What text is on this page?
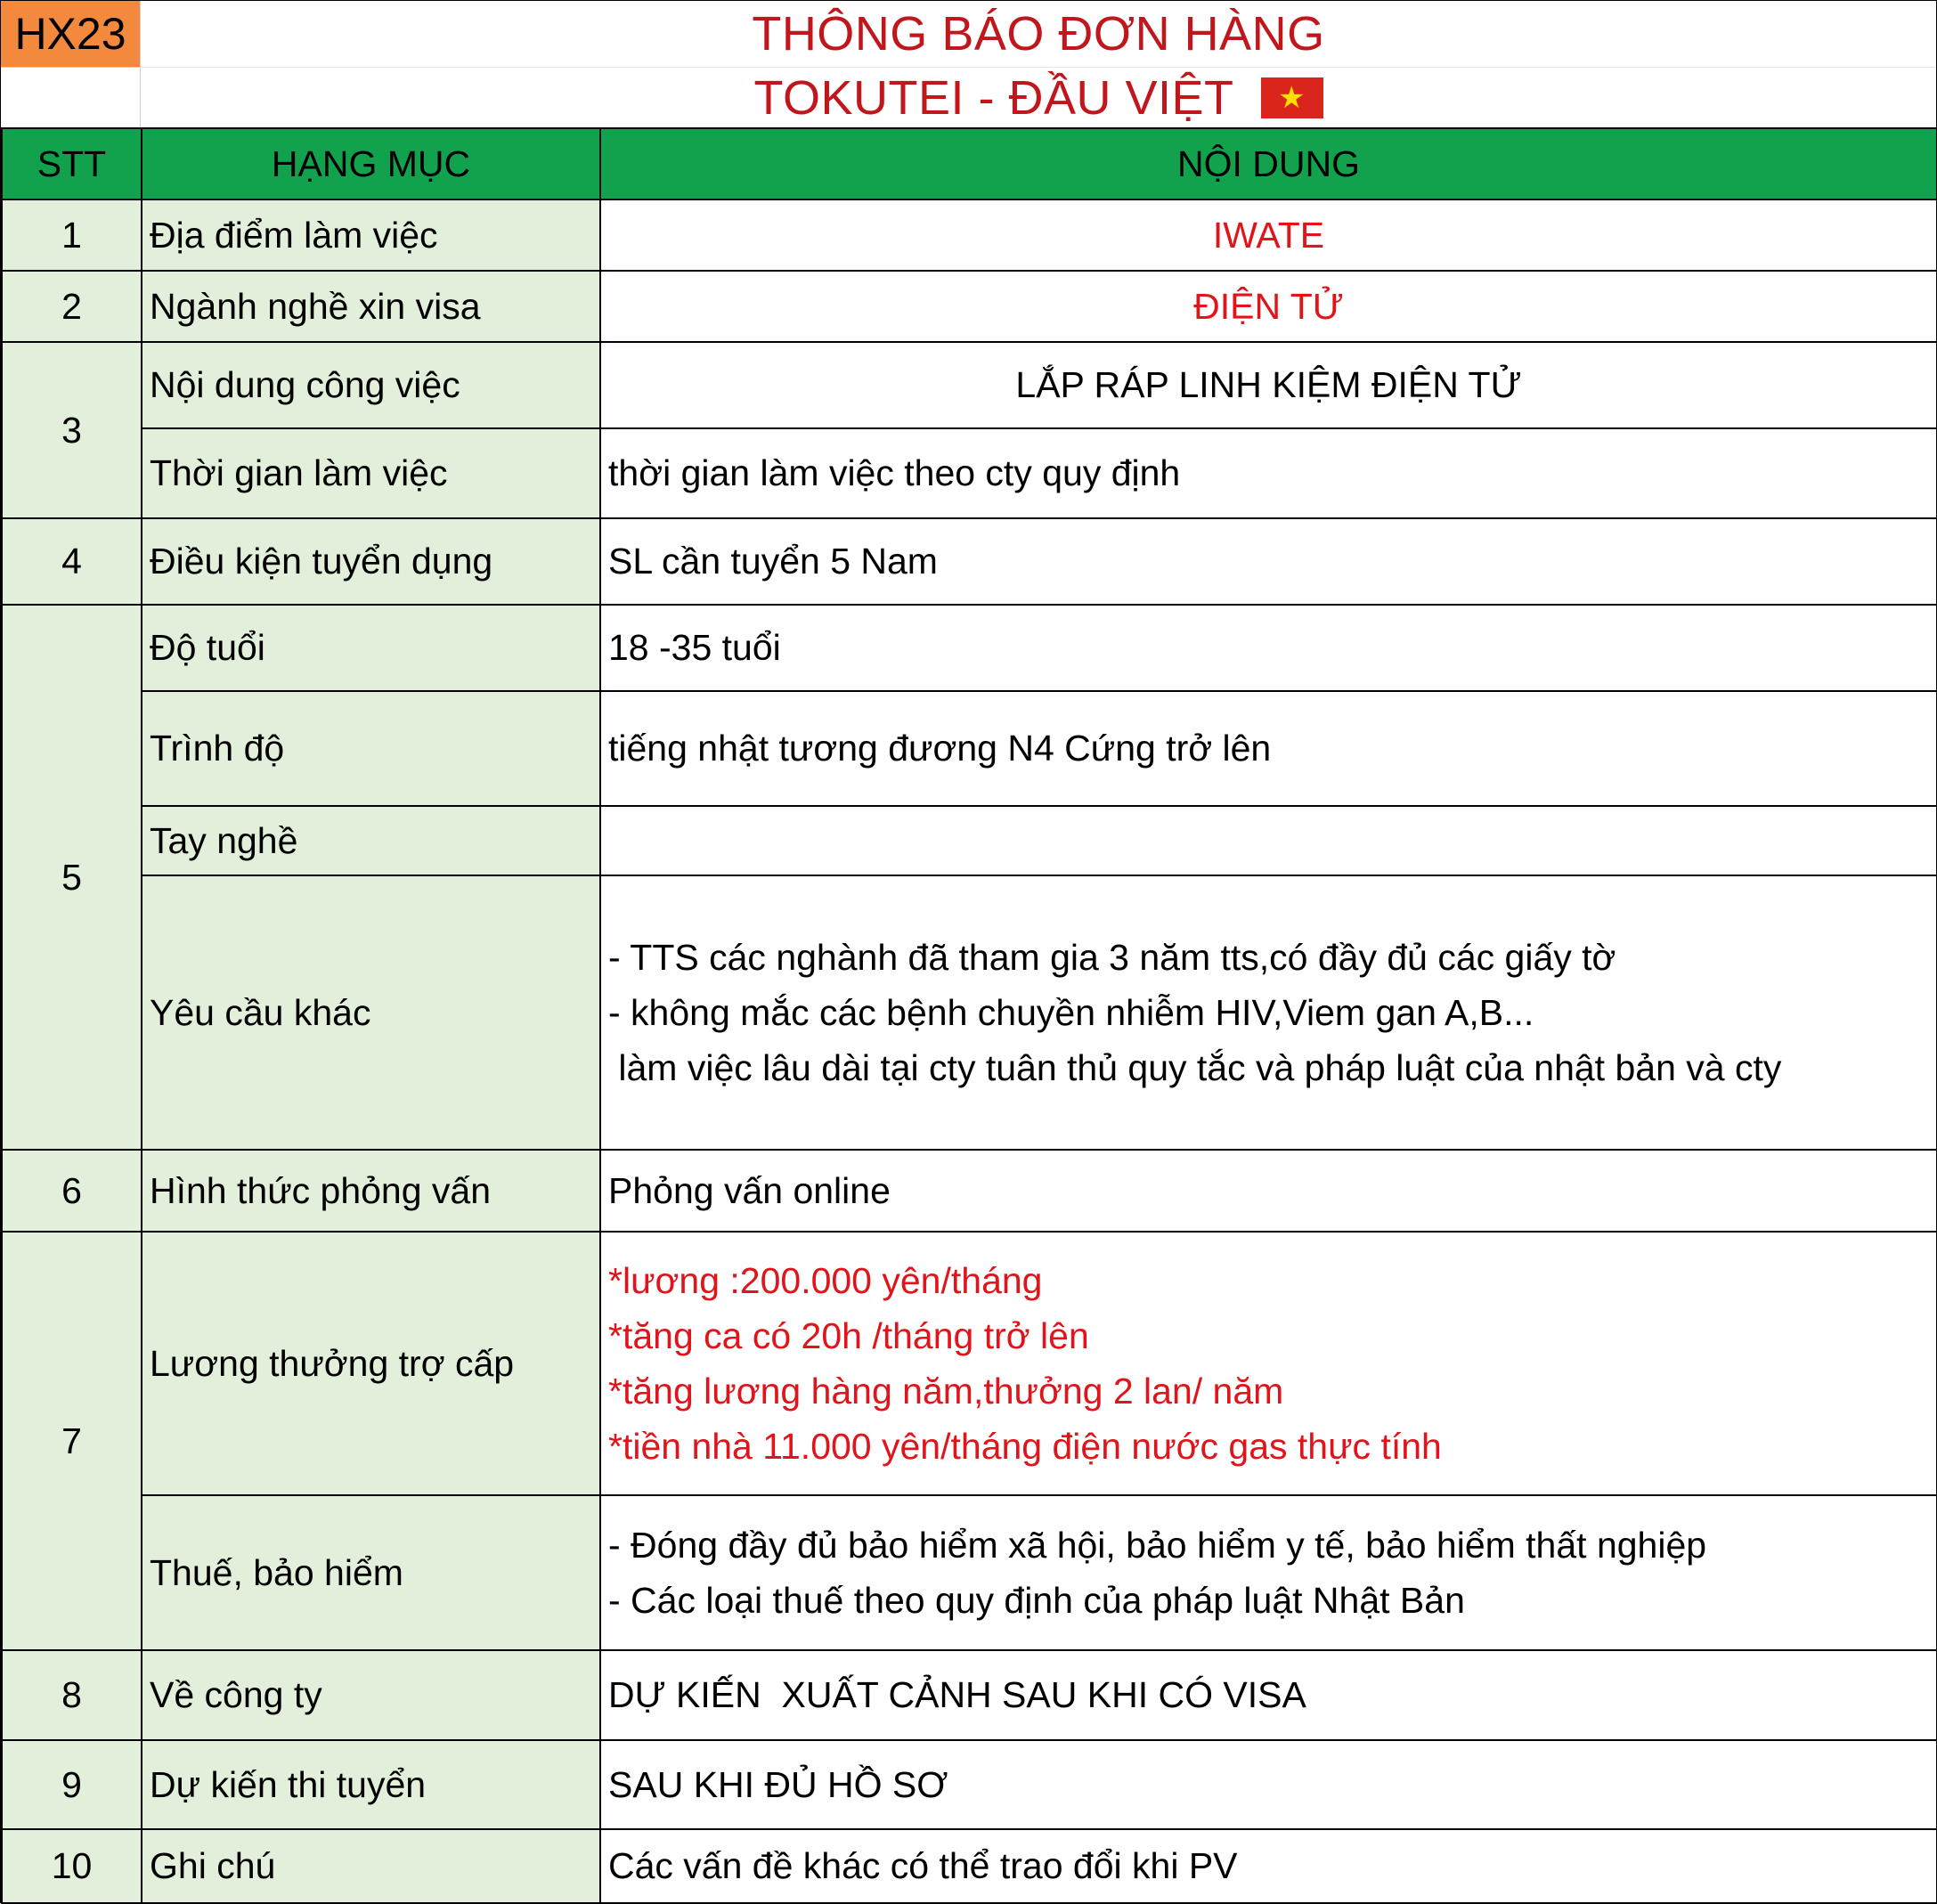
HX23	THÔNG BÁO ĐƠN HÀNG
TOKUTEI - ĐẦU VIỆT	★
STT	HẠNG MỤC	NỘI DUNG
1	Địa điểm làm việc	IWATE
2	Ngành nghề xin visa	ĐIỆN TỬ
3	Nội dung công việc	LẮP RÁP LINH KIỆM ĐIỆN TỬ
	Thời gian làm việc	thời gian làm việc theo cty quy định
4	Điều kiện tuyển dụng	SL cần tuyển 5 Nam
5	Độ tuổi	18 -35 tuổi
	Trình độ	tiếng nhật tương đương N4 Cứng trở lên
	Tay nghề	
	Yêu cầu khác	- TTS các nghành đã tham gia 3 năm tts,có đầy đủ các giấy tờ
- không mắc các bệnh chuyền nhiễm HIV,Viem gan A,B...
làm việc lâu dài tại cty tuân thủ quy tắc và pháp luật của nhật bản và cty

6	Hình thức phỏng vấn	Phỏng vấn online
7	Lương thưởng trợ cấp	*lương :200.000 yên/tháng
*tăng ca có 20h /tháng trở lên
*tăng lương hàng năm,thưởng 2 lan/ năm
*tiền nhà 11.000 yên/tháng điện nước gas thực tính

	Thuế, bảo hiểm	- Đóng đầy đủ bảo hiểm xã hội, bảo hiểm y tế, bảo hiểm thất nghiệp
- Các loại thuế theo quy định của pháp luật Nhật Bản

8	Về công ty	DỰ KIẾN  XUẤT CẢNH SAU KHI CÓ VISA
9	Dự kiến thi tuyển	SAU KHI ĐỦ HỒ SƠ
10	Ghi chú	Các vấn đề khác có thể trao đổi khi PV
